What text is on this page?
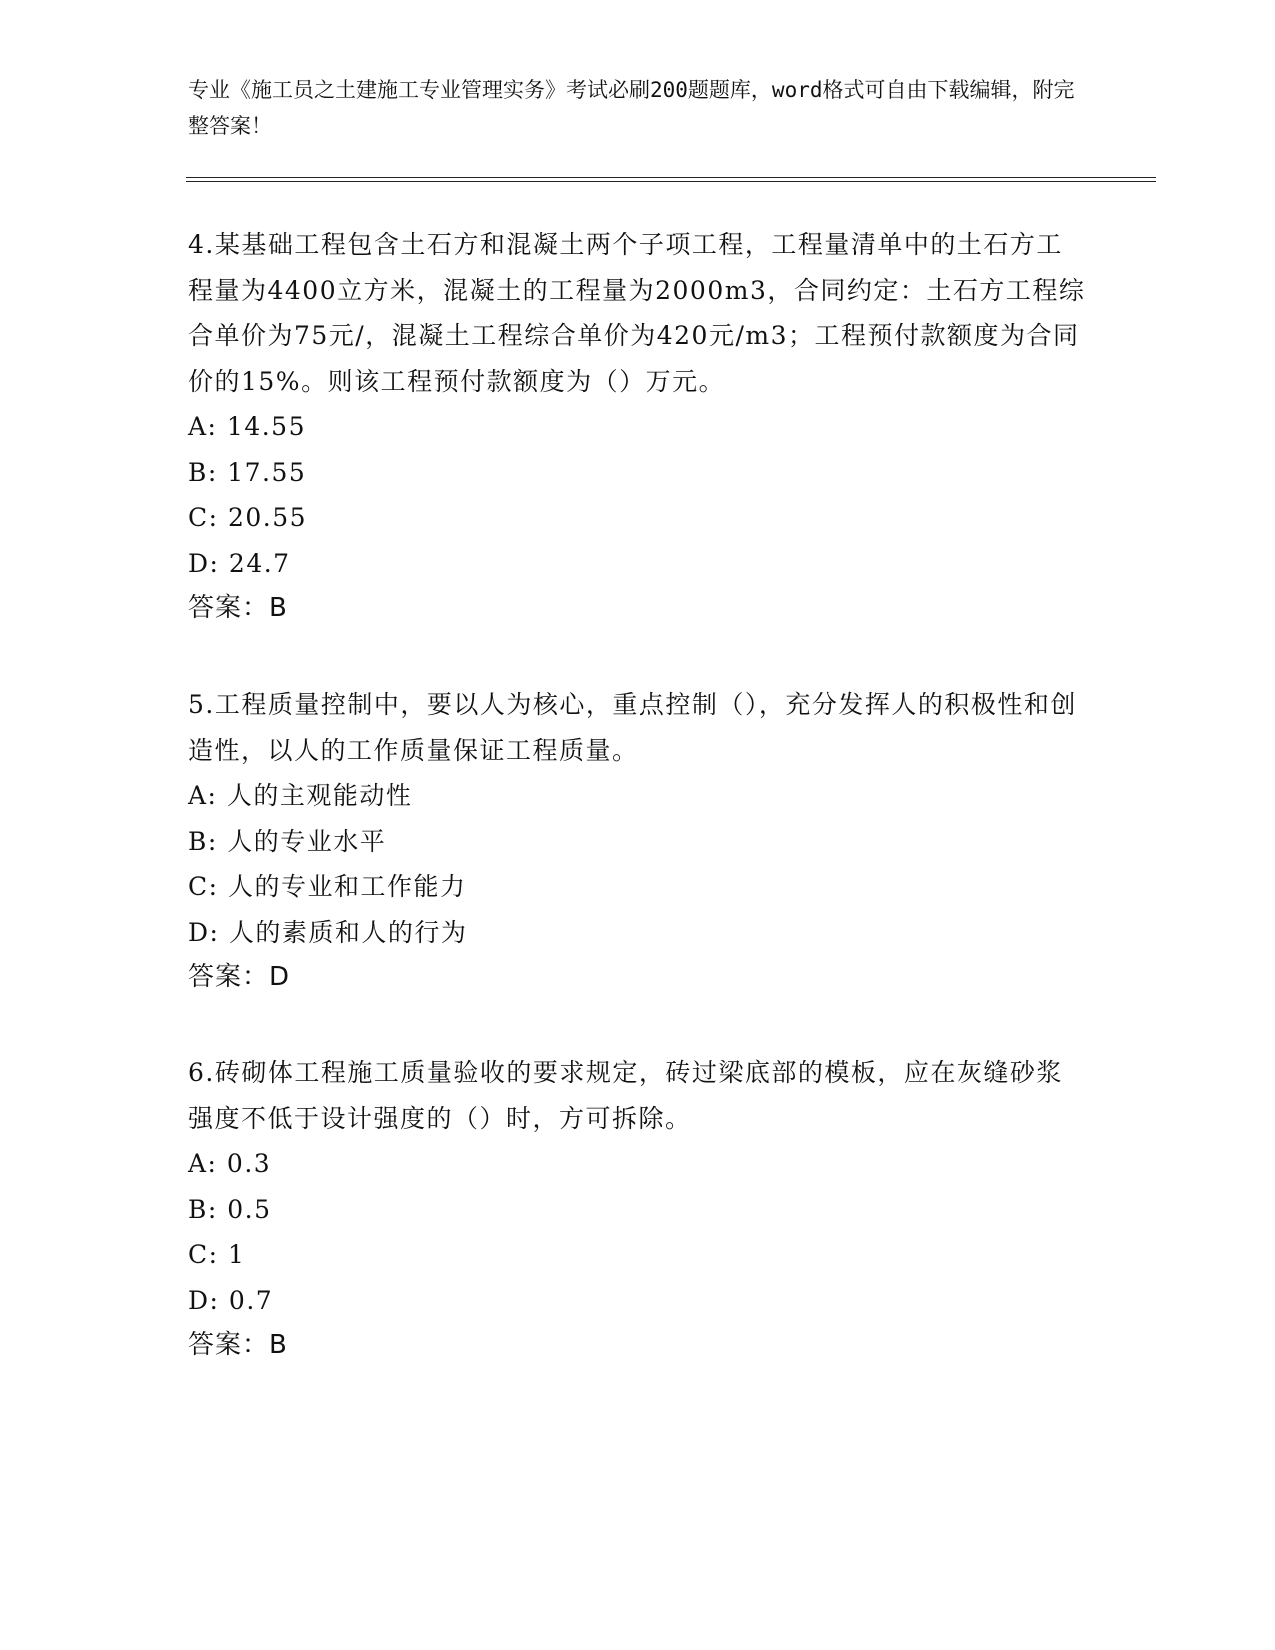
专业《施工员之土建施工专业管理实务》考试必刷200题题库，word格式可自由下载编辑，附完整答案！

4.某基础工程包含土石方和混凝土两个子项工程，工程量清单中的土石方工程量为4400立方米，混凝土的工程量为2000m3，合同约定：土石方工程综合单价为75元/，混凝土工程综合单价为420元/m3；工程预付款额度为合同价的15%。则该工程预付款额度为（）万元。

A: 14.55

B: 17.55

C: 20.55

D: 24.7

答案：B

5.工程质量控制中，要以人为核心，重点控制（），充分发挥人的积极性和创造性，以人的工作质量保证工程质量。

A: 人的主观能动性

B: 人的专业水平

C: 人的专业和工作能力

D: 人的素质和人的行为

答案：D

6.砖砌体工程施工质量验收的要求规定，砖过梁底部的模板，应在灰缝砂浆强度不低于设计强度的（）时，方可拆除。

A: 0.3

B: 0.5

C: 1

D: 0.7

答案：B
